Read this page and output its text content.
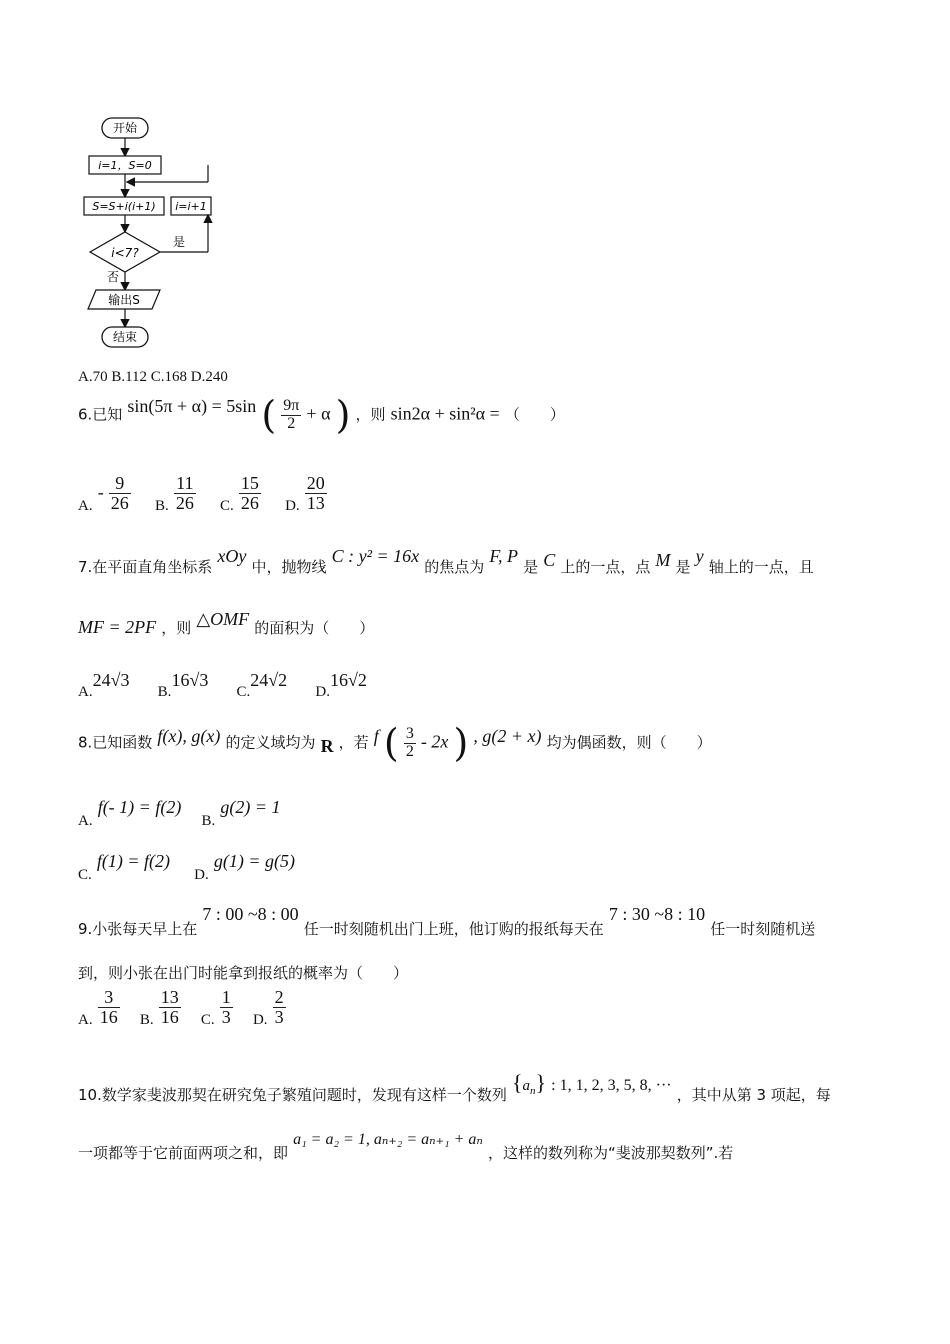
开始
i=1，S=0
S=S+i(i+1) i=i+1
i<7?
是
否
输出S
结束
A.70 B.112 C.168 D.240
6.已知 sin(5π + α) = 5sin ( $\frac{9\pi}{2} + \alpha$ ) ，则 sin2α + sin²α = （　　）
A. - $\frac{9}{26} B$. $\frac{11}{26} C$. $\frac{15}{26} D$. $\frac{20}{13}$
7.在平面直角坐标系 xOy 中，抛物线 C : y² = 16x 的焦点为 F, P 是 C 上的一点，点 M 是 y 轴上的一点，且
MF = 2PF ，则 △OMF 的面积为（　　）
A.24√3  B.16√3  C.24√2  D.16√2
8.已知函数 f(x), g(x) 的定义域均为 R ，若 f ( $\frac{3}{2} - 2x$ ) , g(2 + x) 均为偶函数，则（　　）
A. f(- 1) = f(2)  B. g(2) = 1
C. f(1) = f(2)  D. g(1) = g(5)
9.小张每天早上在 7 : 00 ~8 : 00 任一时刻随机出门上班，他订购的报纸每天在 7 : 30 ~8 : 10 任一时刻随机送
到，则小张在出门时能拿到报纸的概率为（　　）
A. $\frac{3}{16} B$. $\frac{13}{16} C$. $\frac{1}{3} D$. $\frac{2}{3}$
10.数学家斐波那契在研究兔子繁殖问题时，发现有这样一个数列 $\{a_n\}$ : 1, 1, 2, 3, 5, 8, ··· ，其中从第 3 项起，每
一项都等于它前面两项之和，即 a₁ = a₂ = 1, aₙ₊₂ = aₙ₊₁ + aₙ ，这样的数列称为“斐波那契数列”.若
